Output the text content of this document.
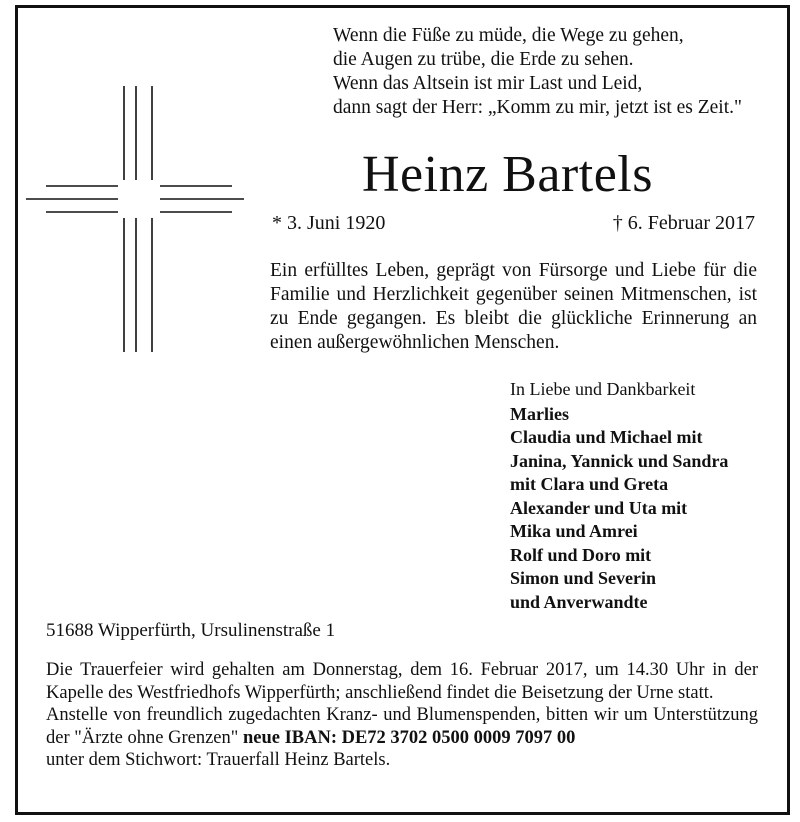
Wenn die Füße zu müde, die Wege zu gehen,
die Augen zu trübe, die Erde zu sehen.
Wenn das Altsein ist mir Last und Leid,
dann sagt der Herr: „Komm zu mir, jetzt ist es Zeit."
Heinz Bartels
* 3. Juni 1920	† 6. Februar 2017
Ein erfülltes Leben, geprägt von Fürsorge und Liebe für die Familie und Herzlichkeit gegenüber seinen Mitmenschen, ist zu Ende gegangen. Es bleibt die glückliche Erinnerung an einen außergewöhnlichen Menschen.
In Liebe und Dankbarkeit
Marlies
Claudia und Michael mit
Janina, Yannick und Sandra
mit Clara und Greta
Alexander und Uta mit
Mika und Amrei
Rolf und Doro mit
Simon und Severin
und Anverwandte
51688 Wipperfürth, Ursulinenstraße 1
Die Trauerfeier wird gehalten am Donnerstag, dem 16. Februar 2017, um 14.30 Uhr in der Kapelle des Westfriedhofs Wipperfürth; anschließend findet die Beisetzung der Urne statt.
Anstelle von freundlich zugedachten Kranz- und Blumenspenden, bitten wir um Unterstützung der "Ärzte ohne Grenzen" neue IBAN: DE72 3702 0500 0009 7097 00
unter dem Stichwort: Trauerfall Heinz Bartels.
